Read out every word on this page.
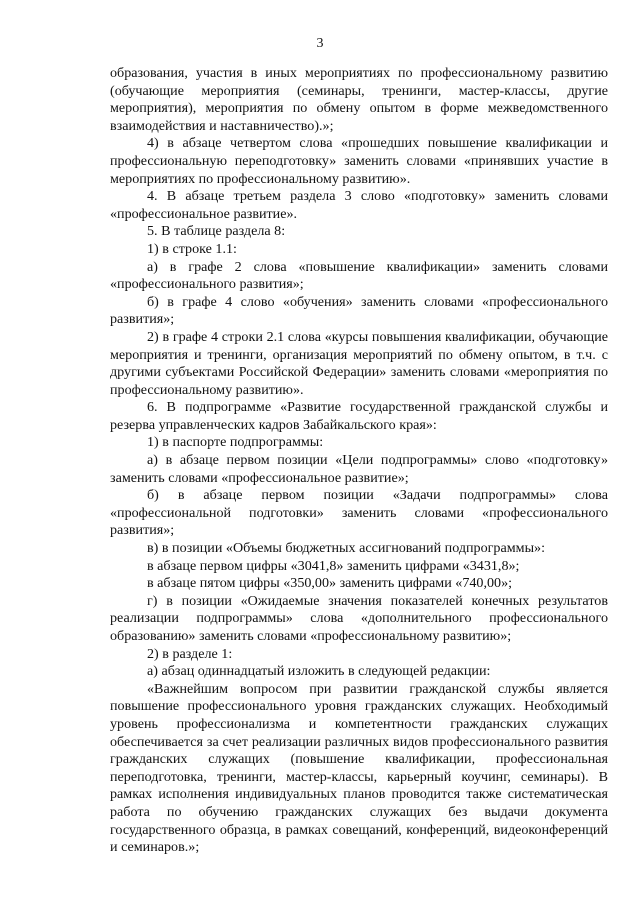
3

образования, участия в иных мероприятиях по профессиональному развитию (обучающие мероприятия (семинары, тренинги, мастер-классы, другие мероприятия), мероприятия по обмену опытом в форме межведомственного взаимодействия и наставничество).»;

4) в абзаце четвертом слова «прошедших повышение квалификации и профессиональную переподготовку» заменить словами «принявших участие в мероприятиях по профессиональному развитию».

4. В абзаце третьем раздела 3 слово «подготовку» заменить словами «профессиональное развитие».

5. В таблице раздела 8:

1) в строке 1.1:

а) в графе 2 слова «повышение квалификации» заменить словами «профессионального развития»;

б) в графе 4 слово «обучения» заменить словами «профессионального развития»;

2) в графе 4 строки 2.1 слова «курсы повышения квалификации, обучающие мероприятия и тренинги, организация мероприятий по обмену опытом, в т.ч. с другими субъектами Российской Федерации» заменить словами «мероприятия по профессиональному развитию».

6. В подпрограмме «Развитие государственной гражданской службы и резерва управленческих кадров Забайкальского края»:

1) в паспорте подпрограммы:

а) в абзаце первом позиции «Цели подпрограммы» слово «подготовку» заменить словами «профессиональное развитие»;

б) в абзаце первом позиции «Задачи подпрограммы» слова «профессиональной подготовки» заменить словами «профессионального развития»;

в) в позиции «Объемы бюджетных ассигнований подпрограммы»:

в абзаце первом цифры «3041,8» заменить цифрами «3431,8»;

в абзаце пятом цифры «350,00» заменить цифрами «740,00»;

г) в позиции «Ожидаемые значения показателей конечных результатов реализации подпрограммы» слова «дополнительного профессионального образованию» заменить словами «профессиональному развитию»;

2) в разделе 1:

а) абзац одиннадцатый изложить в следующей редакции:

«Важнейшим вопросом при развитии гражданской службы является повышение профессионального уровня гражданских служащих. Необходимый уровень профессионализма и компетентности гражданских служащих обеспечивается за счет реализации различных видов профессионального развития гражданских служащих (повышение квалификации, профессиональная переподготовка, тренинги, мастер-классы, карьерный коучинг, семинары). В рамках исполнения индивидуальных планов проводится также систематическая работа по обучению гражданских служащих без выдачи документа государственного образца, в рамках совещаний, конференций, видеоконференций и семинаров.»;
